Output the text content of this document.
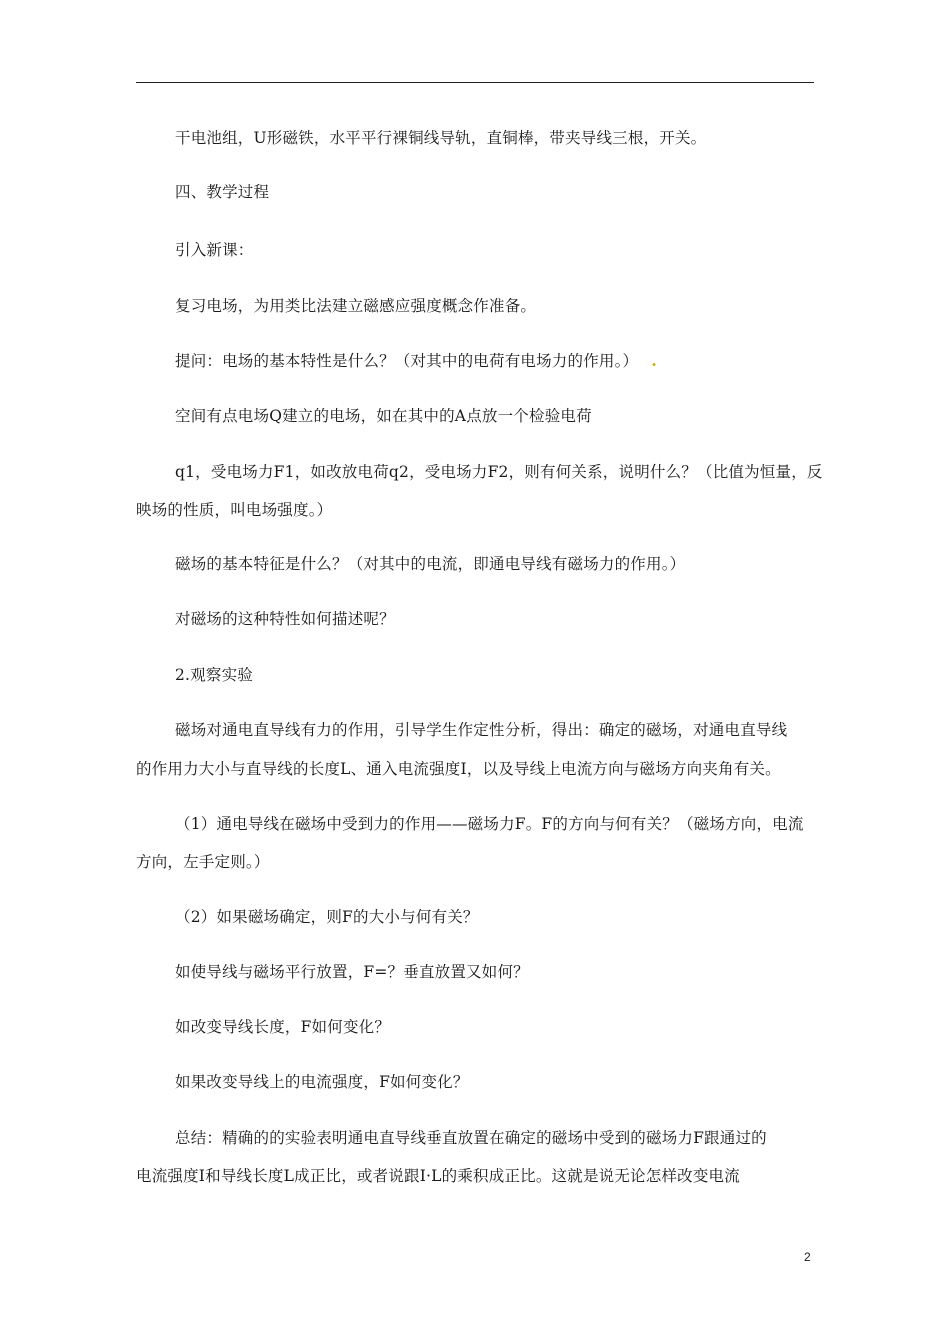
干电池组，U形磁铁，水平平行裸铜线导轨，直铜棒，带夹导线三根，开关。
四、教学过程
引入新课：
复习电场，为用类比法建立磁感应强度概念作准备。
提问：电场的基本特性是什么？（对其中的电荷有电场力的作用。） .
空间有点电场Q建立的电场，如在其中的A点放一个检验电荷
q1，受电场力F1，如改放电荷q2，受电场力F2，则有何关系，说明什么？（比值为恒量，反
映场的性质，叫电场强度。）
磁场的基本特征是什么？（对其中的电流，即通电导线有磁场力的作用。）
对磁场的这种特性如何描述呢？
2.观察实验
磁场对通电直导线有力的作用，引导学生作定性分析，得出：确定的磁场，对通电直导线
的作用力大小与直导线的长度L、通入电流强度I，以及导线上电流方向与磁场方向夹角有关。
（1）通电导线在磁场中受到力的作用——磁场力F。F的方向与何有关？（磁场方向，电流
方向，左手定则。）
（2）如果磁场确定，则F的大小与何有关？
如使导线与磁场平行放置，F=？垂直放置又如何？
如改变导线长度，F如何变化？
如果改变导线上的电流强度，F如何变化？
总结：精确的的实验表明通电直导线垂直放置在确定的磁场中受到的磁场力F跟通过的
电流强度I和导线长度L成正比，或者说跟I·L的乘积成正比。这就是说无论怎样改变电流
2
